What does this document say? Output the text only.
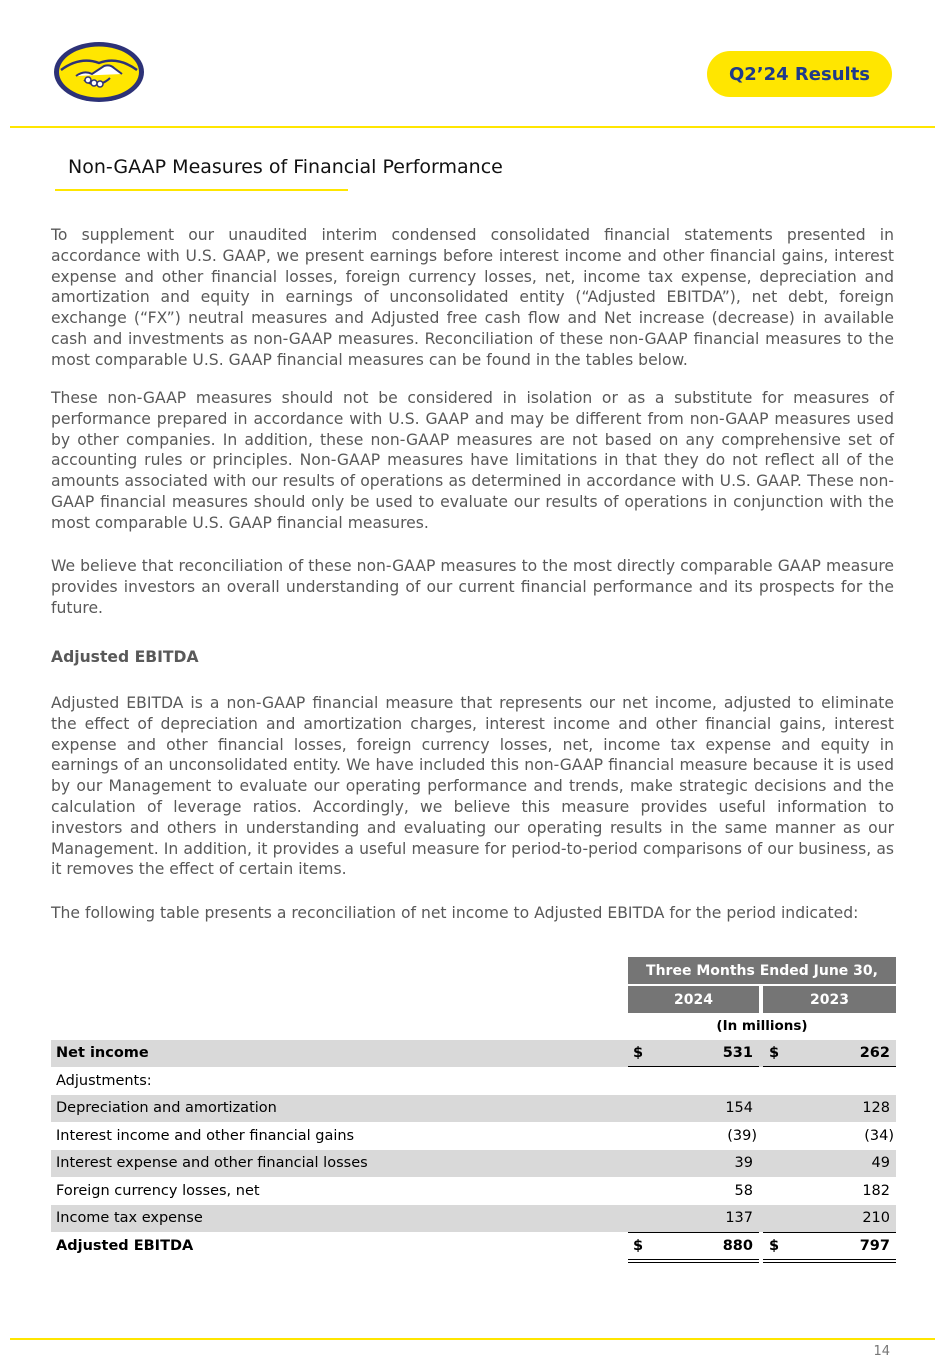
Q2’24 Results
Non-GAAP Measures of Financial Performance

To supplement our unaudited interim condensed consolidated financial statements presented in accordance with U.S. GAAP, we present earnings before interest income and other financial gains, interest expense and other financial losses, foreign currency losses, net, income tax expense, depreciation and amortization and equity in earnings of unconsolidated entity (“Adjusted EBITDA”), net debt, foreign exchange (“FX”) neutral measures and Adjusted free cash flow and Net increase (decrease) in available cash and investments as non-GAAP measures. Reconciliation of these non-GAAP financial measures to the most comparable U.S. GAAP financial measures can be found in the tables below.

These non-GAAP measures should not be considered in isolation or as a substitute for measures of performance prepared in accordance with U.S. GAAP and may be different from non-GAAP measures used by other companies. In addition, these non-GAAP measures are not based on any comprehensive set of accounting rules or principles. Non-GAAP measures have limitations in that they do not reflect all of the amounts associated with our results of operations as determined in accordance with U.S. GAAP. These non-GAAP financial measures should only be used to evaluate our results of operations in conjunction with the most comparable U.S. GAAP financial measures.

We believe that reconciliation of these non-GAAP measures to the most directly comparable GAAP measure provides investors an overall understanding of our current financial performance and its prospects for the future.

Adjusted EBITDA

Adjusted EBITDA is a non-GAAP financial measure that represents our net income, adjusted to eliminate the effect of depreciation and amortization charges, interest income and other financial gains, interest expense and other financial losses, foreign currency losses, net, income tax expense and equity in earnings of an unconsolidated entity. We have included this non-GAAP financial measure because it is used by our Management to evaluate our operating performance and trends, make strategic decisions and the calculation of leverage ratios. Accordingly, we believe this measure provides useful information to investors and others in understanding and evaluating our operating results in the same manner as our Management. In addition, it provides a useful measure for period-to-period comparisons of our business, as it removes the effect of certain items.

The following table presents a reconciliation of net income to Adjusted EBITDA for the period indicated:

Three Months Ended June 30,
2024	2023
(In millions)
Net income	$	531 $	262
Adjustments:
Depreciation and amortization	154	128
Interest income and other financial gains	(39)	(34)
Interest expense and other financial losses	39	49
Foreign currency losses, net	58	182
Income tax expense	137	210
Adjusted EBITDA	$	880 $	797
14
